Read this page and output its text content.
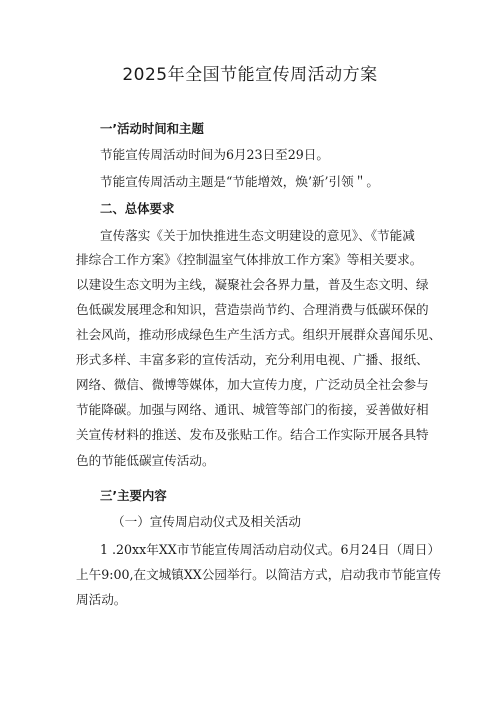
2025年全国节能宣传周活动方案
一’活动时间和主题
节能宣传周活动时间为6月23日至29日。
节能宣传周活动主题是“节能增效，焕’新’引领＂。
二、总体要求
宣传落实《关于加快推进生态文明建设的意见》、《节能减
排综合工作方案》《控制温室气体排放工作方案》等相关要求。
以建设生态文明为主线，凝聚社会各界力量，普及生态文明、绿
色低碳发展理念和知识，营造崇尚节约、合理消费与低碳环保的
社会风尚，推动形成绿色生产生活方式。组织开展群众喜闻乐见、
形式多样、丰富多彩的宣传活动，充分利用电视、广播、报纸、
网络、微信、微博等媒体，加大宣传力度，广泛动员全社会参与
节能降碳。加强与网络、通讯、城管等部门的衔接，妥善做好相
关宣传材料的推送、发布及张贴工作。结合工作实际开展各具特
色的节能低碳宣传活动。
三’主要内容
（一）宣传周启动仪式及相关活动
1 .20xx年XX市节能宣传周活动启动仪式。6月24日（周日）
上午9:00,在文城镇XX公园举行。以简洁方式，启动我市节能宣传
周活动。
